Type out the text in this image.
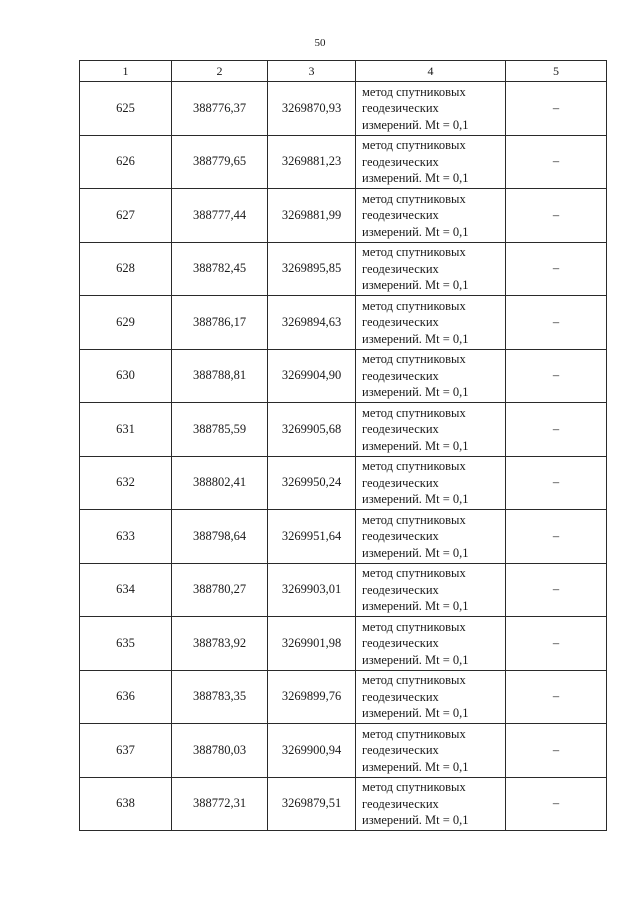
50
1	2	3	4	5
625	388776,37	3269870,93	метод спутниковых
геодезических
измерений. Mt = 0,1	–
626	388779,65	3269881,23	метод спутниковых
геодезических
измерений. Mt = 0,1	–
627	388777,44	3269881,99	метод спутниковых
геодезических
измерений. Mt = 0,1	–
628	388782,45	3269895,85	метод спутниковых
геодезических
измерений. Mt = 0,1	–
629	388786,17	3269894,63	метод спутниковых
геодезических
измерений. Mt = 0,1	–
630	388788,81	3269904,90	метод спутниковых
геодезических
измерений. Mt = 0,1	–
631	388785,59	3269905,68	метод спутниковых
геодезических
измерений. Mt = 0,1	–
632	388802,41	3269950,24	метод спутниковых
геодезических
измерений. Mt = 0,1	–
633	388798,64	3269951,64	метод спутниковых
геодезических
измерений. Mt = 0,1	–
634	388780,27	3269903,01	метод спутниковых
геодезических
измерений. Mt = 0,1	–
635	388783,92	3269901,98	метод спутниковых
геодезических
измерений. Mt = 0,1	–
636	388783,35	3269899,76	метод спутниковых
геодезических
измерений. Mt = 0,1	–
637	388780,03	3269900,94	метод спутниковых
геодезических
измерений. Mt = 0,1	–
638	388772,31	3269879,51	метод спутниковых
геодезических
измерений. Mt = 0,1	–
